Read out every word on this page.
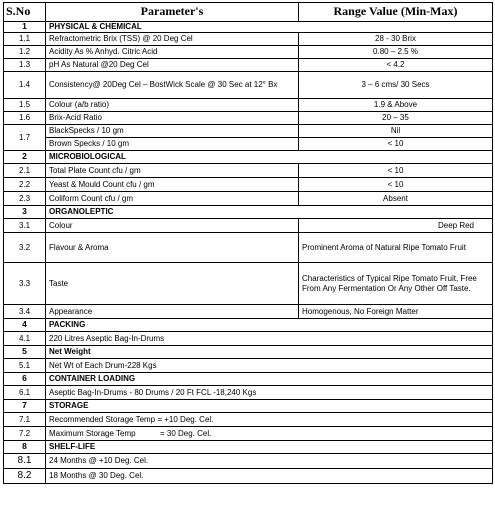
S.No	Parameter's	Range Value (Min-Max)
1	PHYSICAL & CHEMICAL	
1.1	Refractometric Brix (TSS) @ 20 Deg Cel	28 - 30 Brix
1.2	Acidity As % Anhyd. Citric Acid	0.80 – 2.5 %
1.3	pH As Natural @20 Deg Cel	< 4.2
1.4	Consistency@ 20Deg Cel – BostWick Scale @ 30 Sec at 12° Bx	3 – 6 cms/ 30 Secs
1.5	Colour (a/b ratio)	1.9 & Above
1.6	Brix-Acid Ratio	20 – 35
1.7	BlackSpecks / 10 gm	Nil
	Brown Specks / 10 gm	< 10
2	MICROBIOLOGICAL	
2.1	Total Plate Count cfu / gm	< 10
2.2	Yeast & Mould Count cfu / gm	< 10
2.3	Coliform Count cfu / gm	Absent
3	ORGANOLEPTIC	
3.1	Colour	Deep Red
3.2	Flavour & Aroma	Prominent Aroma of Natural Ripe Tomato Fruit
3.3	Taste	Characteristics of Typical Ripe Tomato Fruit, Free From Any Fermentation Or Any Other Off Taste.
3.4	Appearance	Homogenous, No Foreign Matter
4	PACKING	
4.1	220 Litres Aseptic Bag-In-Drums	
5	Net Weight	
5.1	Net Wt of Each Drum-228 Kgs	
6	CONTAINER LOADING	
6.1	Aseptic Bag-In-Drums - 80 Drums / 20 Ft FCL -18,240 Kgs	
7	STORAGE	
7.1	Recommended Storage Temp = +10 Deg. Cel.	
7.2	Maximum Storage Temp           = 30 Deg. Cel.	
8	SHELF-LIFE	
8.1	24 Months @ +10 Deg. Cel.	
8.2	18 Months @ 30 Deg. Cel.	
